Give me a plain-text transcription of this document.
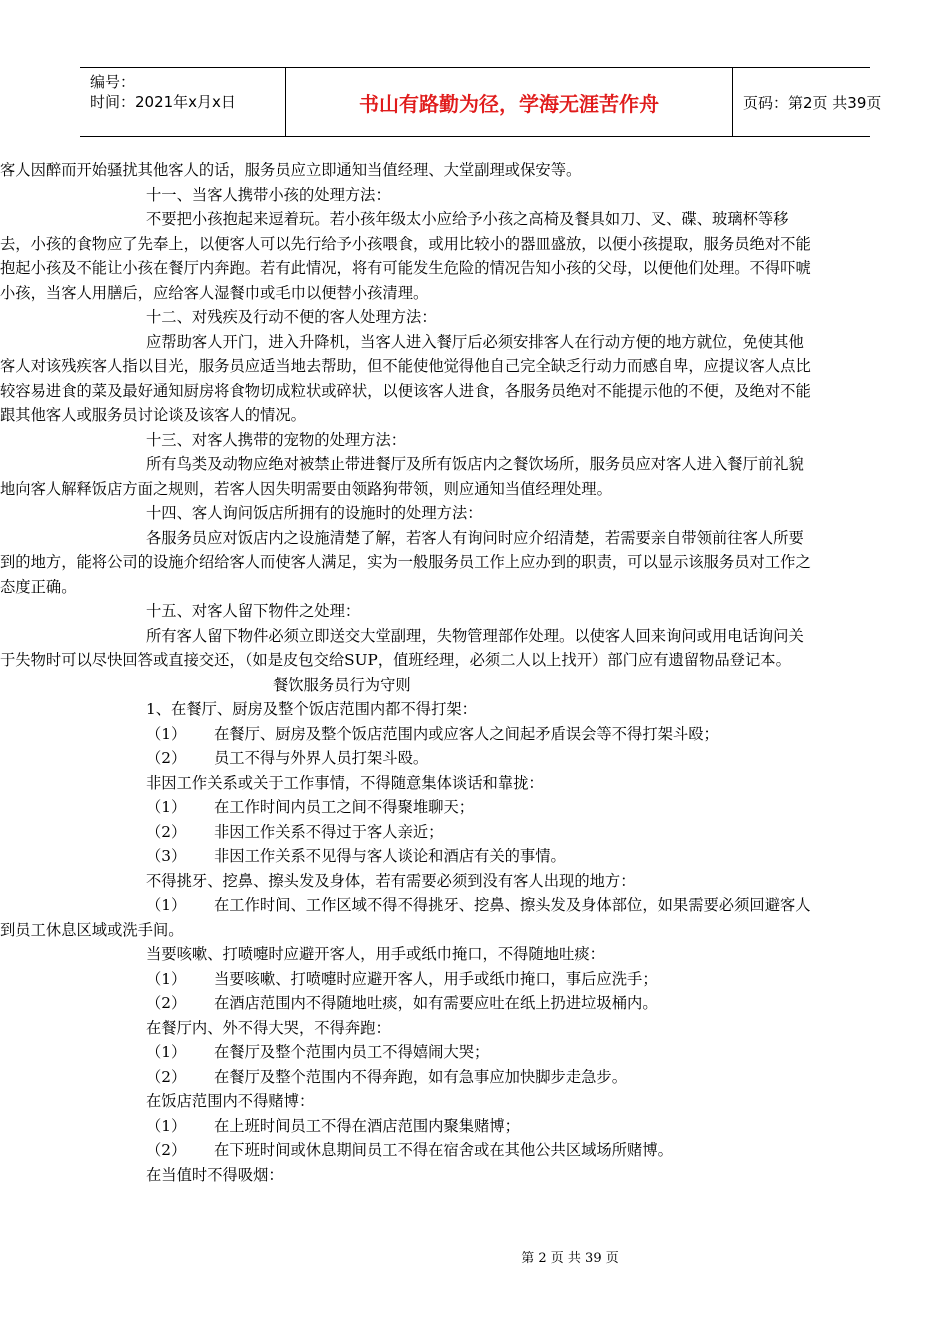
编号：
时间：2021年x月x日	书山有路勤为径，学海无涯苦作舟	页码：第2页 共39页

客人因醉而开始骚扰其他客人的话，服务员应立即通知当值经理、大堂副理或保安等。

十一、当客人携带小孩的处理方法：

不要把小孩抱起来逗着玩。若小孩年级太小应给予小孩之高椅及餐具如刀、叉、碟、玻璃杯等移去，小孩的食物应了先奉上，以便客人可以先行给予小孩喂食，或用比较小的器皿盛放，以便小孩提取，服务员绝对不能抱起小孩及不能让小孩在餐厅内奔跑。若有此情况，将有可能发生危险的情况告知小孩的父母，以便他们处理。不得吓唬小孩，当客人用膳后，应给客人湿餐巾或毛巾以便替小孩清理。

十二、对残疾及行动不便的客人处理方法：

应帮助客人开门，进入升降机，当客人进入餐厅后必须安排客人在行动方便的地方就位，免使其他客人对该残疾客人指以目光，服务员应适当地去帮助，但不能使他觉得他自己完全缺乏行动力而感自卑，应提议客人点比较容易进食的菜及最好通知厨房将食物切成粒状或碎状，以便该客人进食，各服务员绝对不能提示他的不便，及绝对不能跟其他客人或服务员讨论谈及该客人的情况。

十三、对客人携带的宠物的处理方法：

所有鸟类及动物应绝对被禁止带进餐厅及所有饭店内之餐饮场所，服务员应对客人进入餐厅前礼貌地向客人解释饭店方面之规则，若客人因失明需要由领路狗带领，则应通知当值经理处理。

十四、客人询问饭店所拥有的设施时的处理方法：

各服务员应对饭店内之设施清楚了解，若客人有询问时应介绍清楚，若需要亲自带领前往客人所要到的地方，能将公司的设施介绍给客人而使客人满足，实为一般服务员工作上应办到的职责，可以显示该服务员对工作之态度正确。

十五、对客人留下物件之处理：

所有客人留下物件必须立即送交大堂副理，失物管理部作处理。以使客人回来询问或用电话询问关于失物时可以尽快回答或直接交还，（如是皮包交给SUP，值班经理，必须二人以上找开）部门应有遗留物品登记本。

餐饮服务员行为守则

1、在餐厅、厨房及整个饭店范围内都不得打架：

（1） 在餐厅、厨房及整个饭店范围内或应客人之间起矛盾误会等不得打架斗殴；

（2） 员工不得与外界人员打架斗殴。

非因工作关系或关于工作事情，不得随意集体谈话和靠拢：

（1） 在工作时间内员工之间不得聚堆聊天；

（2） 非因工作关系不得过于客人亲近；

（3） 非因工作关系不见得与客人谈论和酒店有关的事情。

不得挑牙、挖鼻、擦头发及身体，若有需要必须到没有客人出现的地方：

（1） 在工作时间、工作区域不得不得挑牙、挖鼻、擦头发及身体部位，如果需要必须回避客人到员工休息区域或洗手间。

当要咳嗽、打喷嚏时应避开客人，用手或纸巾掩口，不得随地吐痰：

（1） 当要咳嗽、打喷嚏时应避开客人，用手或纸巾掩口，事后应洗手；

（2） 在酒店范围内不得随地吐痰，如有需要应吐在纸上扔进垃圾桶内。

在餐厅内、外不得大哭，不得奔跑：

（1） 在餐厅及整个范围内员工不得嬉闹大哭；

（2） 在餐厅及整个范围内不得奔跑，如有急事应加快脚步走急步。

在饭店范围内不得赌博：

（1） 在上班时间员工不得在酒店范围内聚集赌博；

（2） 在下班时间或休息期间员工不得在宿舍或在其他公共区域场所赌博。

在当值时不得吸烟：

第 2 页 共 39 页
